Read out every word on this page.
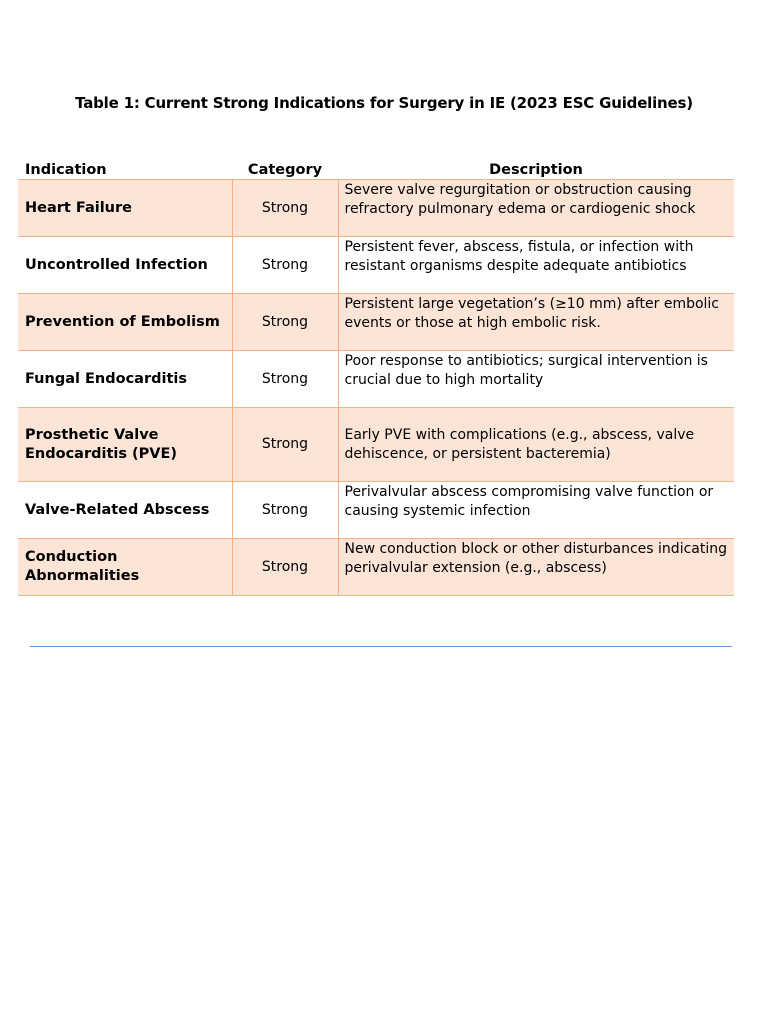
Table 1: Current Strong Indications for Surgery in IE (2023 ESC Guidelines)
Indication	Category	Description
Heart Failure	Strong	Severe valve regurgitation or obstruction causing refractory pulmonary edema or cardiogenic shock
Uncontrolled Infection	Strong	Persistent fever, abscess, fistula, or infection with resistant organisms despite adequate antibiotics
Prevention of Embolism	Strong	Persistent large vegetation’s (≥10 mm) after embolic events or those at high embolic risk.
Fungal Endocarditis	Strong	Poor response to antibiotics; surgical intervention is crucial due to high mortality
Prosthetic Valve Endocarditis (PVE)	Strong	Early PVE with complications (e.g., abscess, valve dehiscence, or persistent bacteremia)
Valve-Related Abscess	Strong	Perivalvular abscess compromising valve function or causing systemic infection
Conduction Abnormalities	Strong	New conduction block or other disturbances indicating perivalvular extension (e.g., abscess)
